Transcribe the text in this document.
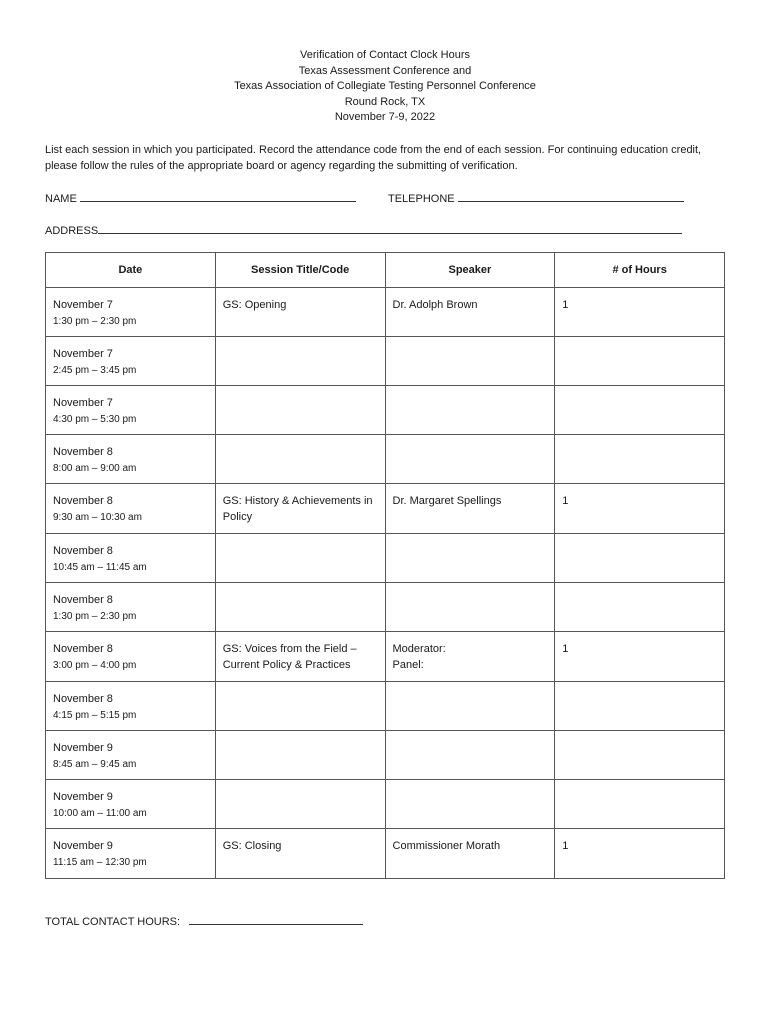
Verification of Contact Clock Hours
Texas Assessment Conference and
Texas Association of Collegiate Testing Personnel Conference
Round Rock, TX
November 7-9, 2022
List each session in which you participated. Record the attendance code from the end of each session. For continuing education credit, please follow the rules of the appropriate board or agency regarding the submitting of verification.
NAME	TELEPHONE
ADDRESS
Date	Session Title/Code	Speaker	# of Hours

November 7
1:30 pm – 2:30 pm	GS: Opening	Dr. Adolph Brown	1

November 7
2:45 pm – 3:45 pm			

November 7
4:30 pm – 5:30 pm			

November 8
8:00 am – 9:00 am			

November 8
9:30 am – 10:30 am	GS: History & Achievements in Policy	Dr. Margaret Spellings	1

November 8
10:45 am – 11:45 am			

November 8
1:30 pm – 2:30 pm			

November 8
3:00 pm – 4:00 pm	GS: Voices from the Field – Current Policy & Practices	Moderator:
Panel:	1

November 8
4:15 pm – 5:15 pm			

November 9
8:45 am – 9:45 am			

November 9
10:00 am – 11:00 am			

November 9
11:15 am – 12:30 pm	GS: Closing	Commissioner Morath	1
TOTAL CONTACT HOURS:
